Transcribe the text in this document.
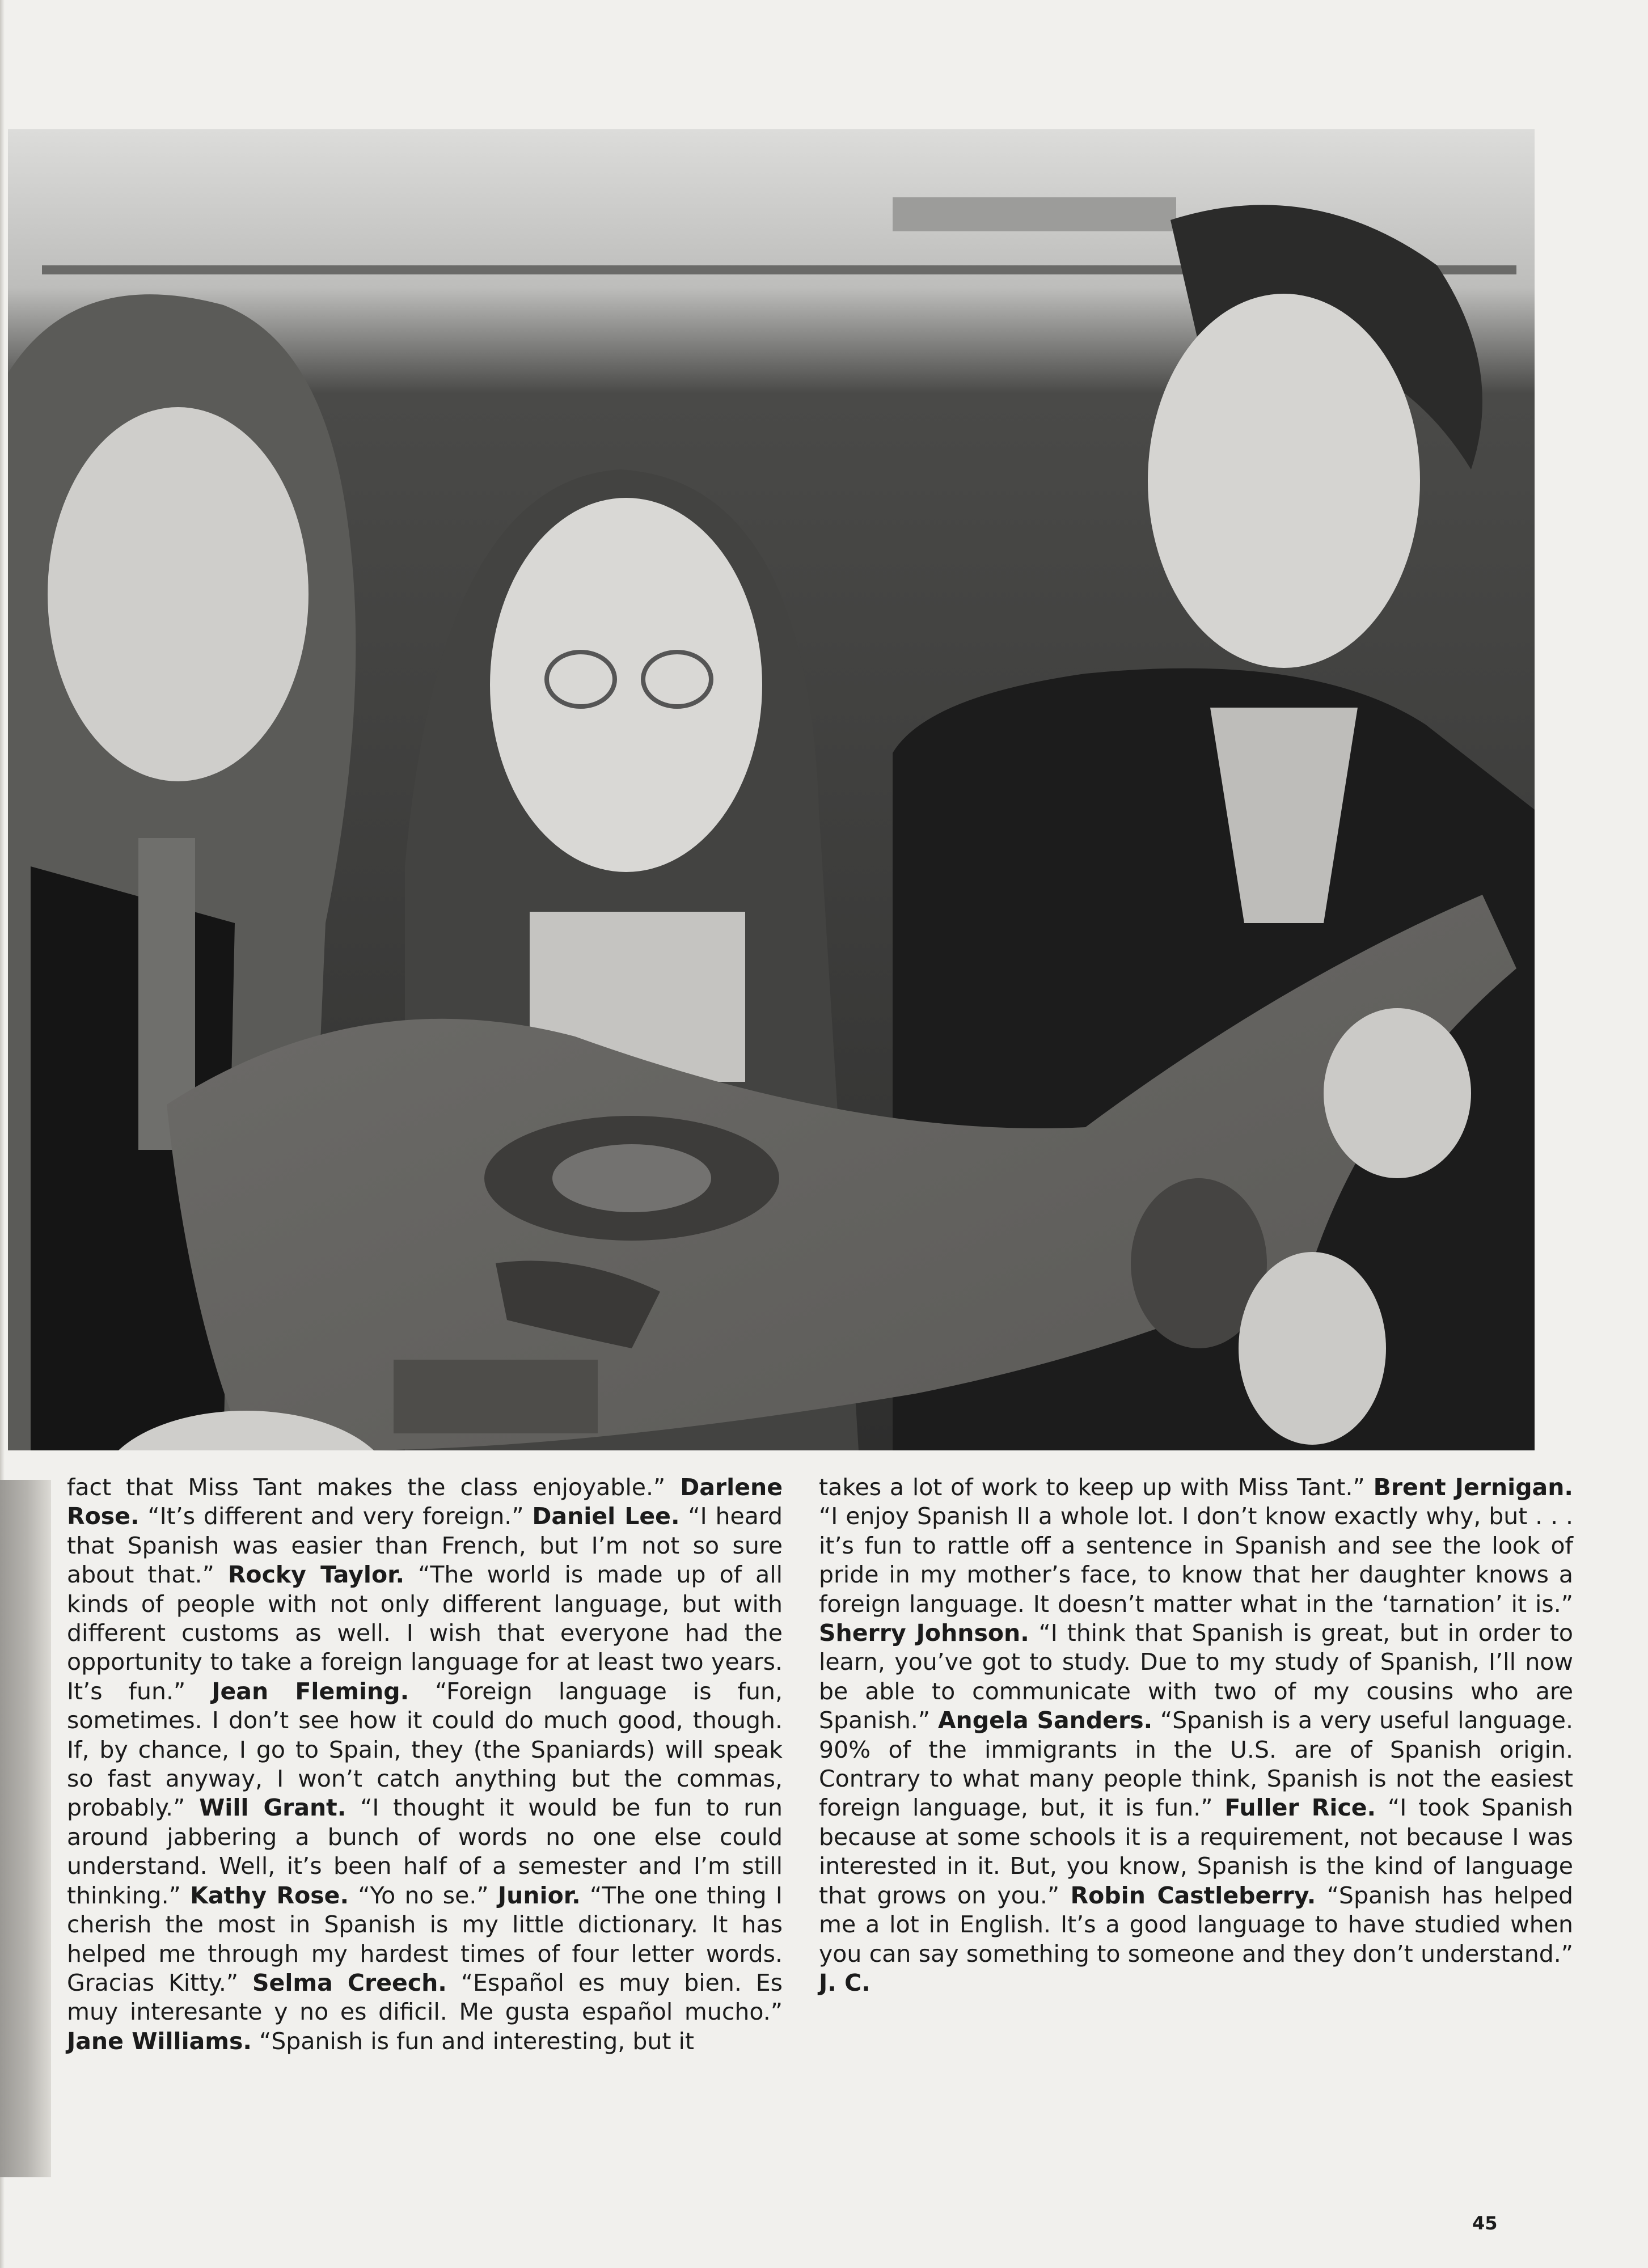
fact that Miss Tant makes the class enjoyable.” Darlene Rose. “It’s different and very foreign.” Daniel Lee. “I heard that Spanish was easier than French, but I’m not so sure about that.” Rocky Taylor. “The world is made up of all kinds of people with not only different language, but with different customs as well. I wish that everyone had the opportunity to take a foreign language for at least two years. It’s fun.” Jean Fleming. “Foreign language is fun, sometimes. I don’t see how it could do much good, though. If, by chance, I go to Spain, they (the Spaniards) will speak so fast anyway, I won’t catch anything but the commas, probably.” Will Grant. “I thought it would be fun to run around jabbering a bunch of words no one else could understand. Well, it’s been half of a semester and I’m still thinking.” Kathy Rose. “Yo no se.” Junior. “The one thing I cherish the most in Spanish is my little dictionary. It has helped me through my hardest times of four letter words. Gracias Kitty.” Selma Creech. “Español es muy bien. Es muy interesante y no es dificil. Me gusta español mucho.” Jane Williams. “Spanish is fun and interesting, but it
takes a lot of work to keep up with Miss Tant.” Brent Jernigan. “I enjoy Spanish II a whole lot. I don’t know exactly why, but . . . it’s fun to rattle off a sentence in Spanish and see the look of pride in my mother’s face, to know that her daughter knows a foreign language. It doesn’t matter what in the ‘tarnation’ it is.” Sherry Johnson. “I think that Spanish is great, but in order to learn, you’ve got to study. Due to my study of Spanish, I’ll now be able to communicate with two of my cousins who are Spanish.” Angela Sanders. “Spanish is a very useful language. 90% of the immigrants in the U.S. are of Spanish origin. Contrary to what many people think, Spanish is not the easiest foreign language, but, it is fun.” Fuller Rice. “I took Spanish because at some schools it is a requirement, not because I was interested in it. But, you know, Spanish is the kind of language that grows on you.” Robin Castleberry. “Spanish has helped me a lot in English. It’s a good language to have studied when you can say something to someone and they don’t understand.” J. C.
45
